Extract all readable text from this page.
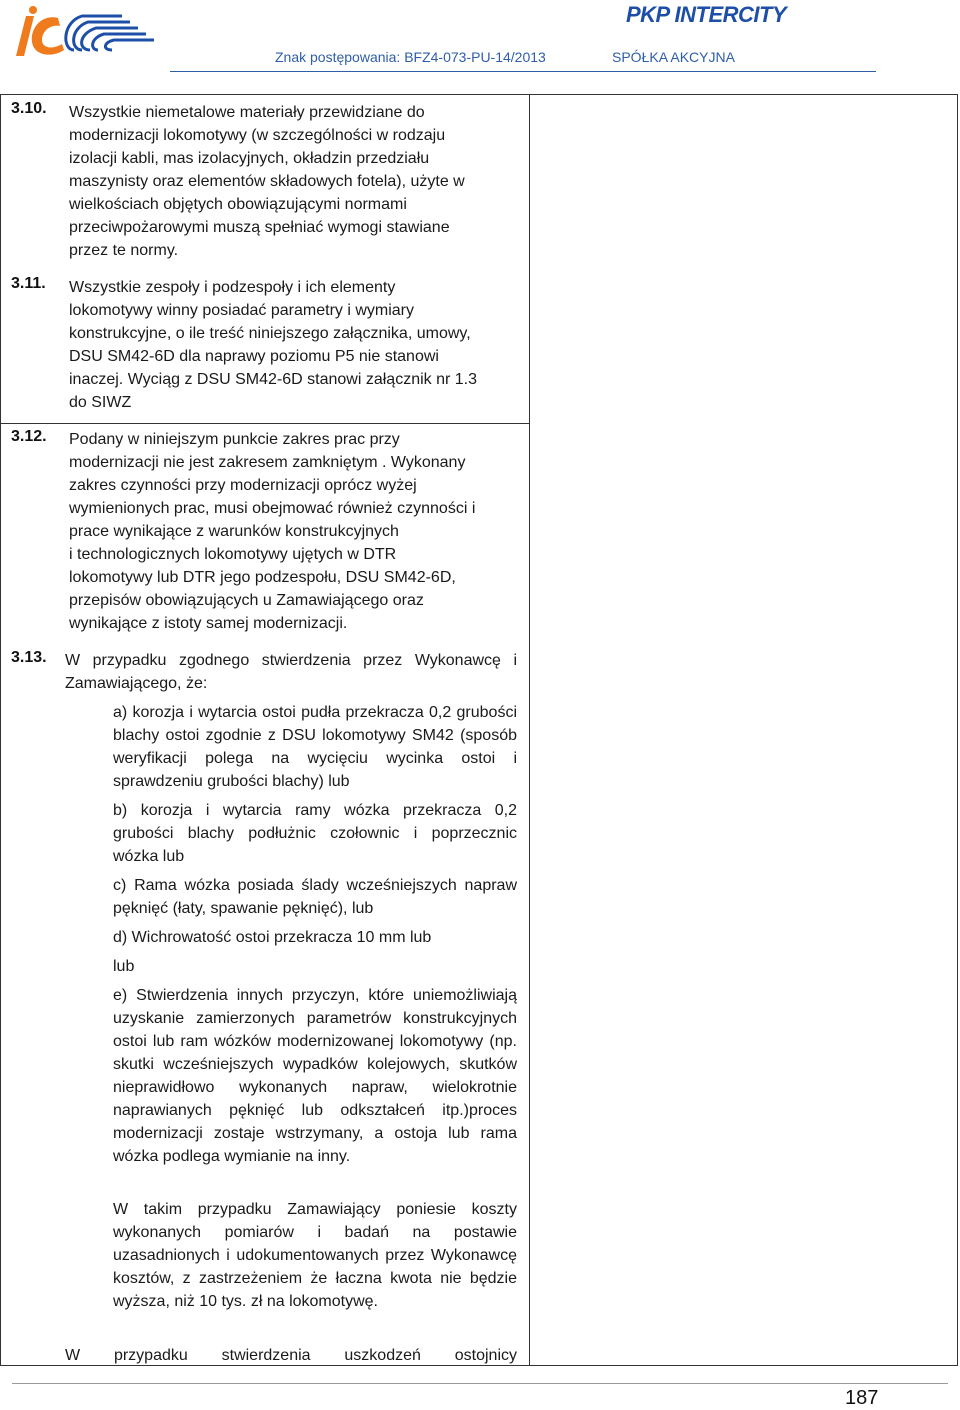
PKP INTERCITY
Znak postępowania: BFZ4-073-PU-14/2013	SPÓŁKA AKCYJNA
3.10. Wszystkie niemetalowe materiały przewidziane do
modernizacji lokomotywy (w szczególności w rodzaju
izolacji kabli, mas izolacyjnych, okładzin przedziału
maszynisty oraz elementów składowych fotela), użyte w
wielkościach objętych obowiązującymi normami
przeciwpożarowymi muszą spełniać wymogi stawiane
przez te normy.
3.11. Wszystkie zespoły i podzespoły i ich elementy
lokomotywy winny posiadać parametry i wymiary
konstrukcyjne, o ile treść niniejszego załącznika, umowy,
DSU SM42-6D dla naprawy poziomu P5 nie stanowi
inaczej. Wyciąg z DSU SM42-6D stanowi załącznik nr 1.3
do SIWZ
3.12. Podany w niniejszym punkcie zakres prac przy
modernizacji nie jest zakresem zamkniętym . Wykonany
zakres czynności przy modernizacji oprócz wyżej
wymienionych prac, musi obejmować również czynności i
prace wynikające z warunków konstrukcyjnych
i technologicznych lokomotywy ujętych w DTR
lokomotywy lub DTR jego podzespołu, DSU SM42-6D,
przepisów obowiązujących u Zamawiającego oraz
wynikające z istoty samej modernizacji.
3.13. W przypadku zgodnego stwierdzenia przez Wykonawcę i Zamawiającego, że:
a) korozja i wytarcia ostoi pudła przekracza 0,2 grubości blachy ostoi zgodnie z DSU lokomotywy SM42 (sposób weryfikacji polega na wycięciu wycinka ostoi i sprawdzeniu grubości blachy) lub
b) korozja i wytarcia ramy wózka przekracza 0,2 grubości blachy podłużnic czołownic i poprzecznic wózka lub
c) Rama wózka posiada ślady wcześniejszych napraw pęknięć (łaty, spawanie pęknięć), lub
d) Wichrowatość ostoi przekracza 10 mm lub
lub
e) Stwierdzenia innych przyczyn, które uniemożliwiają uzyskanie zamierzonych parametrów konstrukcyjnych ostoi lub ram wózków modernizowanej lokomotywy (np. skutki wcześniejszych wypadków kolejowych, skutków nieprawidłowo wykonanych napraw, wielokrotnie naprawianych pęknięć lub odkształceń itp.)proces modernizacji zostaje wstrzymany, a ostoja lub rama wózka podlega wymianie na inny.
W takim przypadku Zamawiający poniesie koszty wykonanych pomiarów i badań na postawie uzasadnionych i udokumentowanych przez Wykonawcę kosztów, z zastrzeżeniem że łaczna kwota nie będzie wyższa, niż 10 tys. zł na lokomotywę.
W przypadku stwierdzenia uszkodzeń ostojnicy
187
